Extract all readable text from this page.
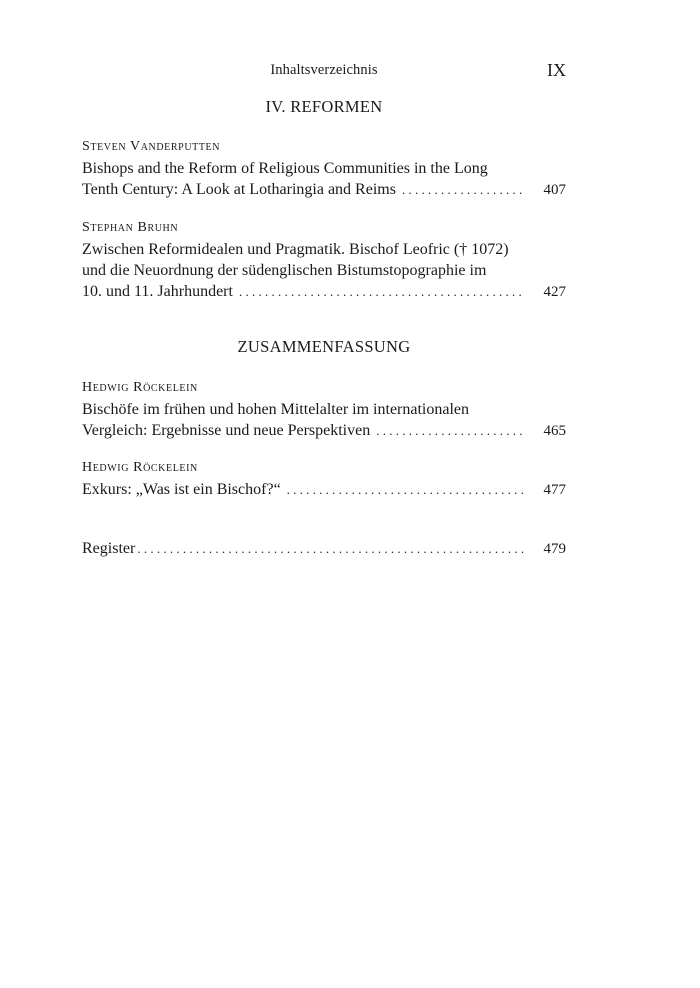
Inhaltsverzeichnis	IX
IV. REFORMEN
Steven Vanderputten
Bishops and the Reform of Religious Communities in the Long
Tenth Century: A Look at Lotharingia and Reims . . .	407
Stephan Bruhn
Zwischen Reformidealen und Pragmatik. Bischof Leofric († 1072)
und die Neuordnung der südenglischen Bistumstopographie im
10. und 11. Jahrhundert . . .	427
ZUSAMMENFASSUNG
Hedwig Röckelein
Bischöfe im frühen und hohen Mittelalter im internationalen
Vergleich: Ergebnisse und neue Perspektiven . . .	465
Hedwig Röckelein
Exkurs: „Was ist ein Bischof?“ . . .	477
Register . . .	479
